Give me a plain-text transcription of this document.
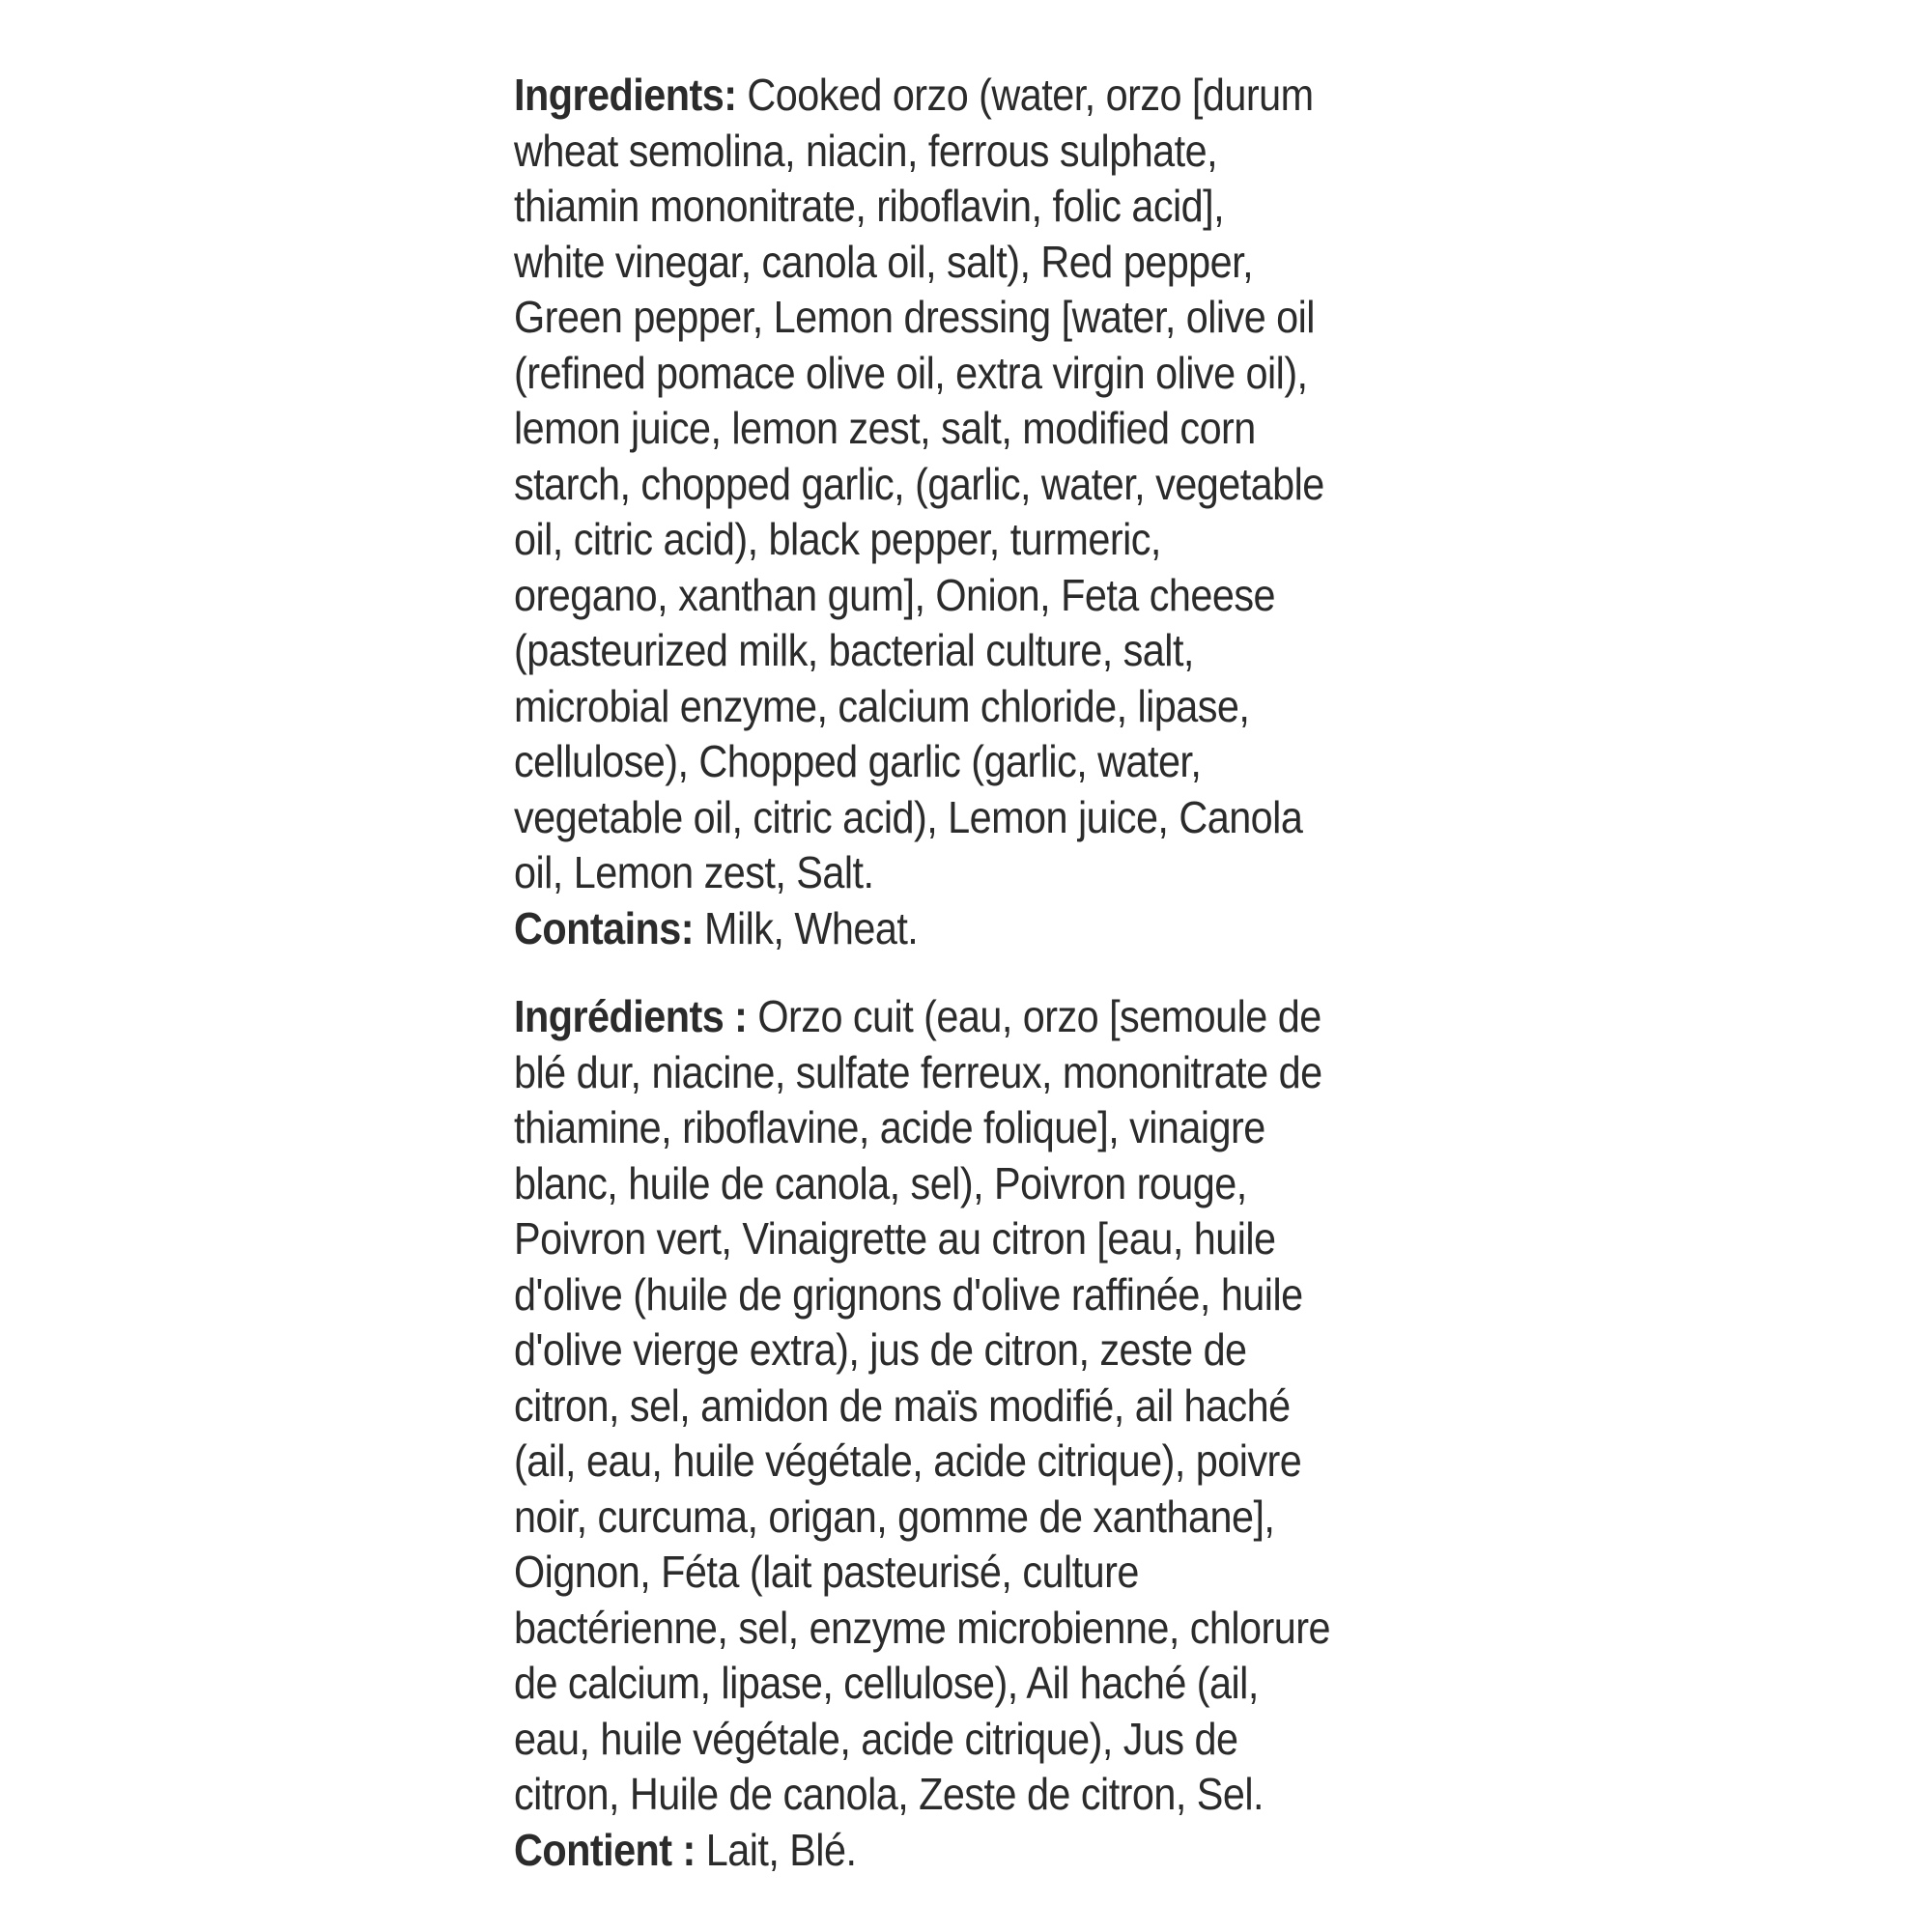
Ingredients: Cooked orzo (water, orzo [durum
wheat semolina, niacin, ferrous sulphate,
thiamin mononitrate, riboflavin, folic acid],
white vinegar, canola oil, salt), Red pepper,
Green pepper, Lemon dressing [water, olive oil
(refined pomace olive oil, extra virgin olive oil),
lemon juice, lemon zest, salt, modified corn
starch, chopped garlic, (garlic, water, vegetable
oil, citric acid), black pepper, turmeric,
oregano, xanthan gum], Onion, Feta cheese
(pasteurized milk, bacterial culture, salt,
microbial enzyme, calcium chloride, lipase,
cellulose), Chopped garlic (garlic, water,
vegetable oil, citric acid), Lemon juice, Canola
oil, Lemon zest, Salt.
Contains: Milk, Wheat.
Ingrédients : Orzo cuit (eau, orzo [semoule de
blé dur, niacine, sulfate ferreux, mononitrate de
thiamine, riboflavine, acide folique], vinaigre
blanc, huile de canola, sel), Poivron rouge,
Poivron vert, Vinaigrette au citron [eau, huile
d'olive (huile de grignons d'olive raffinée, huile
d'olive vierge extra), jus de citron, zeste de
citron, sel, amidon de maïs modifié, ail haché
(ail, eau, huile végétale, acide citrique), poivre
noir, curcuma, origan, gomme de xanthane],
Oignon, Féta (lait pasteurisé, culture
bactérienne, sel, enzyme microbienne, chlorure
de calcium, lipase, cellulose), Ail haché (ail,
eau, huile végétale, acide citrique), Jus de
citron, Huile de canola, Zeste de citron, Sel.
Contient : Lait, Blé.
